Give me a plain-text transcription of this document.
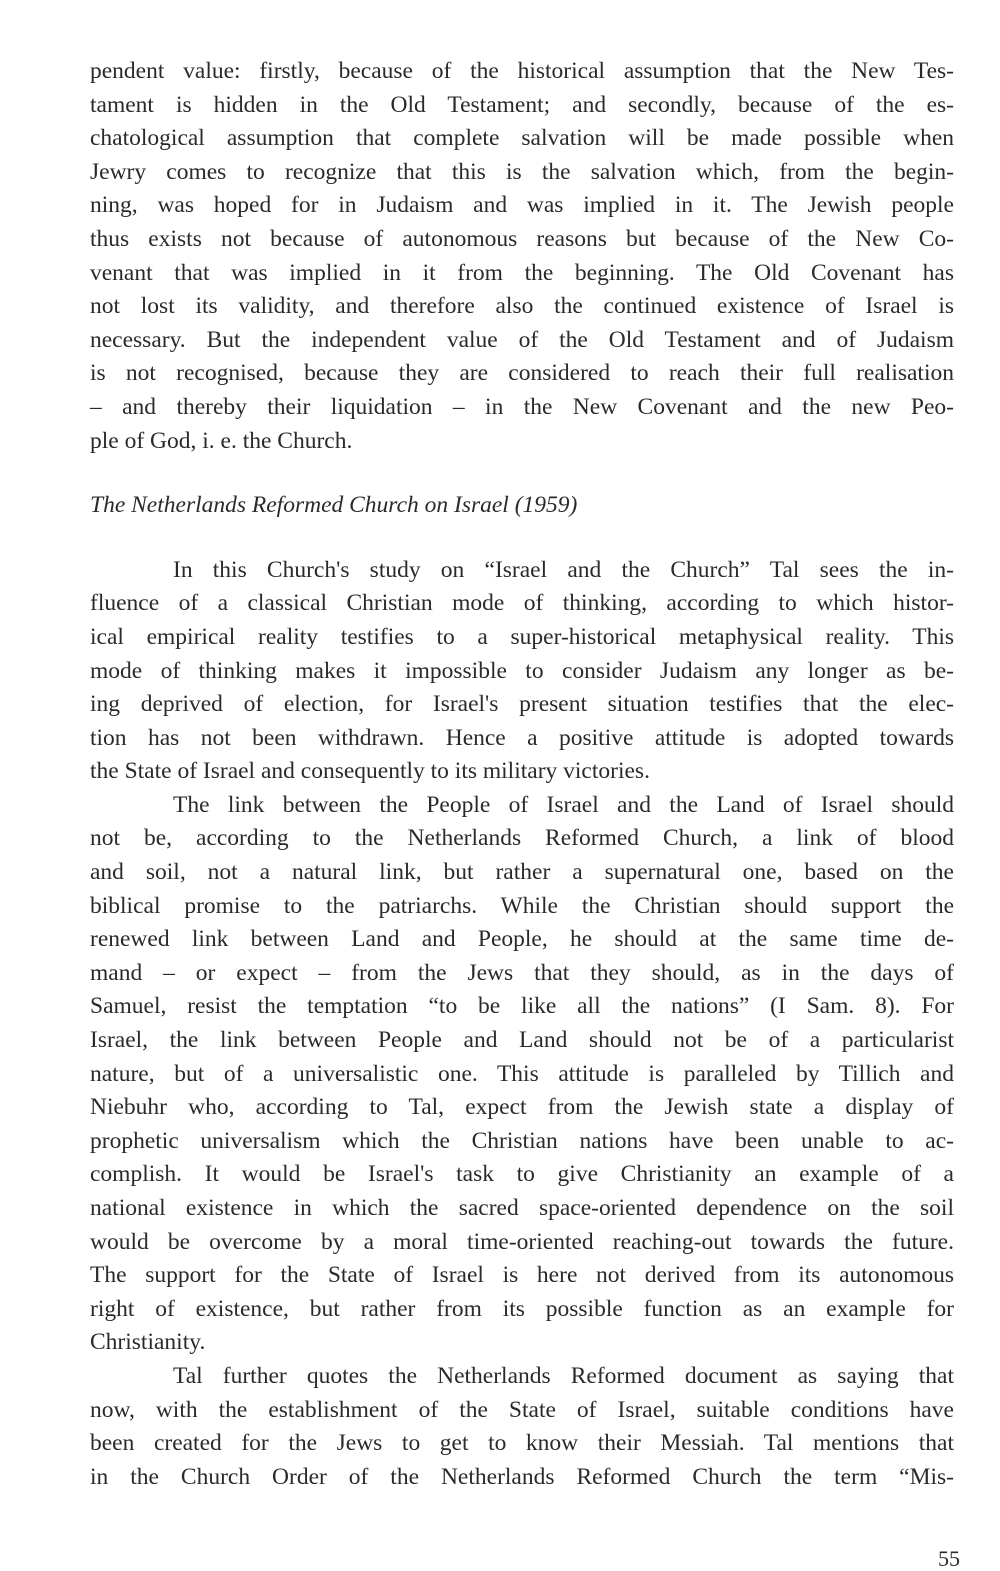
pendent value: firstly, because of the historical assumption that the New Tes-
tament is hidden in the Old Testament; and secondly, because of the es-
chatological assumption that complete salvation will be made possible when
Jewry comes to recognize that this is the salvation which, from the begin-
ning, was hoped for in Judaism and was implied in it. The Jewish people
thus exists not because of autonomous reasons but because of the New Co-
venant that was implied in it from the beginning. The Old Covenant has
not lost its validity, and therefore also the continued existence of Israel is
necessary. But the independent value of the Old Testament and of Judaism
is not recognised, because they are considered to reach their full realisation
– and thereby their liquidation – in the New Covenant and the new Peo-
ple of God, i. e. the Church.
The Netherlands Reformed Church on Israel (1959)
In this Church's study on “Israel and the Church” Tal sees the in-
fluence of a classical Christian mode of thinking, according to which histor-
ical empirical reality testifies to a super-historical metaphysical reality. This
mode of thinking makes it impossible to consider Judaism any longer as be-
ing deprived of election, for Israel's present situation testifies that the elec-
tion has not been withdrawn. Hence a positive attitude is adopted towards
the State of Israel and consequently to its military victories.
The link between the People of Israel and the Land of Israel should
not be, according to the Netherlands Reformed Church, a link of blood
and soil, not a natural link, but rather a supernatural one, based on the
biblical promise to the patriarchs. While the Christian should support the
renewed link between Land and People, he should at the same time de-
mand – or expect – from the Jews that they should, as in the days of
Samuel, resist the temptation “to be like all the nations” (I Sam. 8). For
Israel, the link between People and Land should not be of a particularist
nature, but of a universalistic one. This attitude is paralleled by Tillich and
Niebuhr who, according to Tal, expect from the Jewish state a display of
prophetic universalism which the Christian nations have been unable to ac-
complish. It would be Israel's task to give Christianity an example of a
national existence in which the sacred space-oriented dependence on the soil
would be overcome by a moral time-oriented reaching-out towards the future.
The support for the State of Israel is here not derived from its autonomous
right of existence, but rather from its possible function as an example for
Christianity.
Tal further quotes the Netherlands Reformed document as saying that
now, with the establishment of the State of Israel, suitable conditions have
been created for the Jews to get to know their Messiah. Tal mentions that
in the Church Order of the Netherlands Reformed Church the term “Mis-
55
